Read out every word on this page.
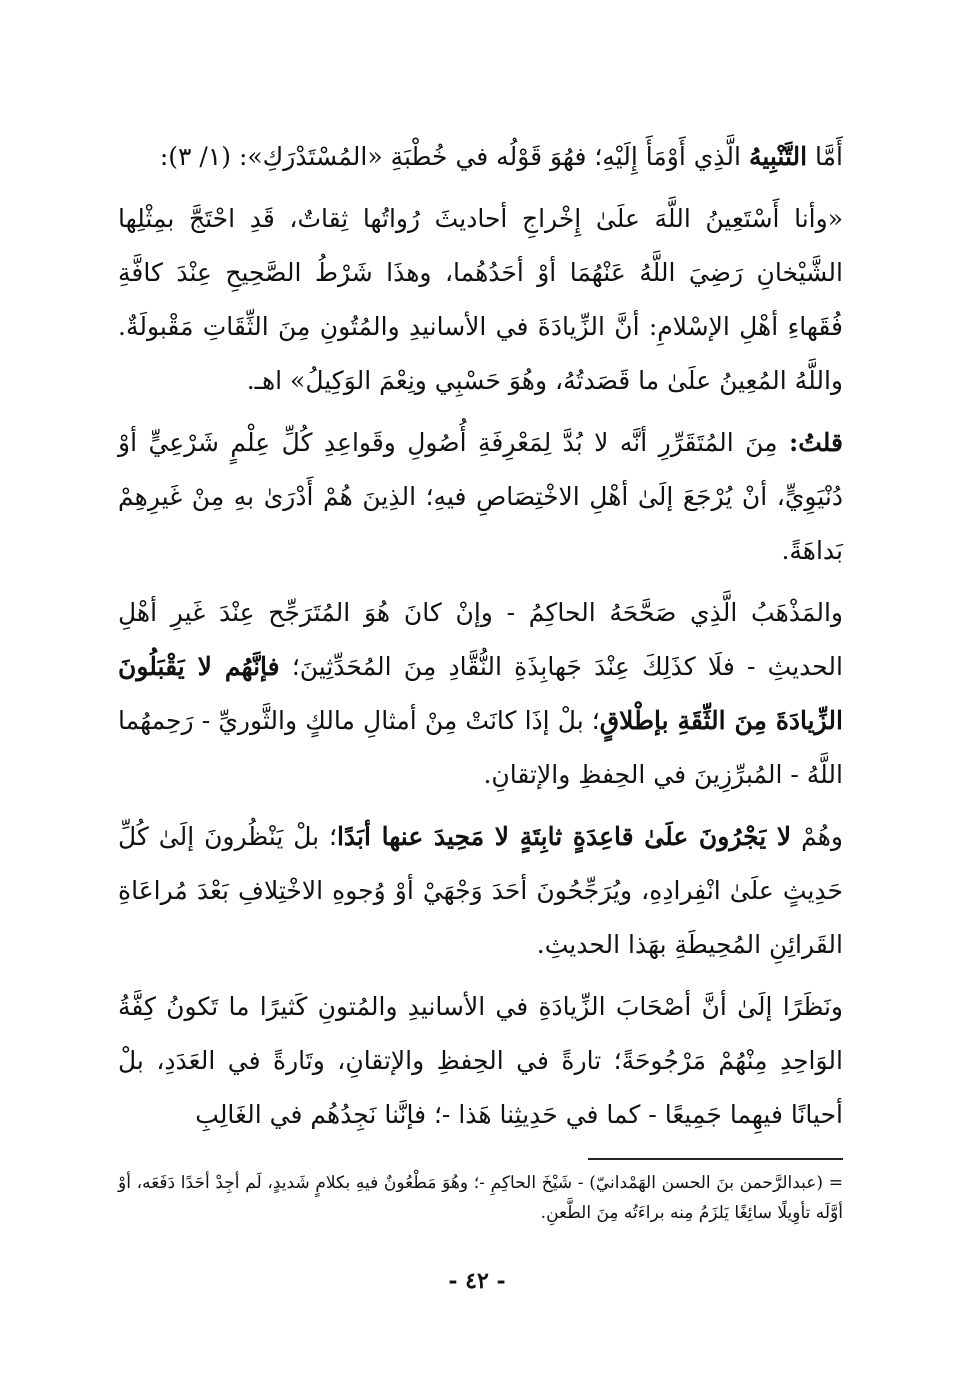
أَمَّا التَّنْبِيهُ الَّذِي أَوْمَأَ إِلَيْهِ؛ فهُوَ قَوْلُه في خُطْبَةِ «المُسْتَدْرَكِ»: (١/ ٣):

«وأنا أَسْتَعِينُ اللَّهَ علَىٰ إِخْراجِ أحاديثَ رُواتُها ثِقاتٌ، قَدِ احْتَجَّ بمِثْلِها الشَّيْخانِ رَضِيَ اللَّهُ عَنْهُمَا أوْ أحَدُهُما، وهذَا شَرْطُ الصَّحِيحِ عِنْدَ كافَّةِ فُقَهاءِ أهْلِ الإسْلامِ: أنَّ الزِّيادَةَ في الأسانيدِ والمُتُونِ مِنَ الثِّقَاتِ مَقْبولَةٌ. واللَّهُ المُعِينُ علَىٰ ما قَصَدتُهُ، وهُوَ حَسْبِي ونِعْمَ الوَكِيلُ» اهـ.

قلتُ: مِنَ المُتَقَرِّرِ أنَّه لا بُدَّ لِمَعْرِفَةِ أُصُولِ وقَواعِدِ كُلِّ عِلْمٍ شَرْعِيٍّ أوْ دُنْيَوِيٍّ، أنْ يُرْجَعَ إلَىٰ أهْلِ الاخْتِصَاصِ فيهِ؛ الذِينَ هُمْ أَدْرَىٰ بهِ مِنْ غَيرِهِمْ بَداهَةً.

والمَذْهَبُ الَّذِي صَحَّحَهُ الحاكِمُ - وإنْ كانَ هُوَ المُتَرَجِّح عِنْدَ غَيرِ أهْلِ الحديثِ - فلَا كذَلِكَ عِنْدَ جَهابِذَةِ النُّقَّادِ مِنَ المُحَدِّثِينَ؛ فإنَّهُم لا يَقْبَلُونَ الزِّيادَةَ مِنَ الثِّقَةِ بإطْلاقٍ؛ بلْ إذَا كانَتْ مِنْ أمثالِ مالكٍ والثَّوريِّ - رَحِمهُما اللَّهُ - المُبرِّزِينَ في الحِفظِ والإتقانِ.

وهُمْ لا يَجْرُونَ علَىٰ قاعِدَةٍ ثابِتَةٍ لا مَحِيدَ عنها أبَدًا؛ بلْ يَنْظُرونَ إلَىٰ كُلِّ حَدِيثٍ علَىٰ انْفِرادِهِ، ويُرَجِّحُونَ أحَدَ وَجْهَيْ أوْ وُجوهِ الاخْتِلافِ بَعْدَ مُراعَاةِ القَرائِنِ المُحِيطَةِ بهَذا الحديثِ.

ونَظَرًا إلَىٰ أنَّ أصْحَابَ الزِّيادَةِ في الأسانيدِ والمُتونِ كَثيرًا ما تَكونُ كِفَّةُ الوَاحِدِ مِنْهُمْ مَرْجُوحَةً؛ تارةً في الحِفظِ والإتقانِ، وتَارةً في العَدَدِ، بلْ أحيانًا فيهِما جَمِيعًا - كما في حَدِيثِنا هَذا -؛ فإنَّنا نَجِدُهُم في الغَالِبِ

= (عبدالرَّحمن بنَ الحسن الهَمْدانيّ) - شَيْخَ الحاكِمِ -؛ وهُوَ مَطْعُونٌ فيهِ بكلامٍ شَديدٍ، لَم أجِدْ أحَدًا دَفَعَه، أوْ أوَّلَه تأوِيلًا سائِغًا يَلزَمُ مِنه براءَتُه مِنَ الطَّعنِ.

- ٤٢ -
